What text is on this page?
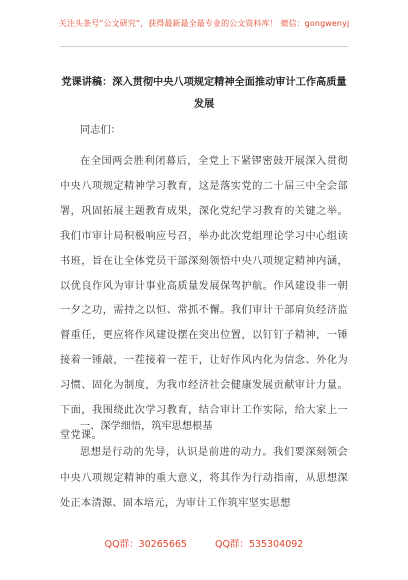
关注头条号“公文研究”，获得最新最全最专业的公文资料库！ 微信：gongwenyj
党课讲稿：深入贯彻中央八项规定精神全面推动审计工作高质量发展
同志们：
在全国两会胜利闭幕后，全党上下紧锣密鼓开展深入贯彻中央八项规定精神学习教育，这是落实党的二十届三中全会部署，巩固拓展主题教育成果，深化党纪学习教育的关键之举。我们市审计局积极响应号召，举办此次党组理论学习中心组读书班，旨在让全体党员干部深刻领悟中央八项规定精神内涵，以优良作风为审计事业高质量发展保驾护航。作风建设非一朝一夕之功，需持之以恒、常抓不懈。我们审计干部肩负经济监督重任，更应将作风建设摆在突出位置，以钉钉子精神，一锤接着一锤敲，一茬接着一茬干，让好作风内化为信念、外化为习惯、固化为制度，为我市经济社会健康发展贡献审计力量。下面，我围绕此次学习教育，结合审计工作实际，给大家上一堂党课。
一、深学细悟，筑牢思想根基
思想是行动的先导，认识是前进的动力。我们要深刻领会中央八项规定精神的重大意义，将其作为行动指南，从思想深处正本清源、固本培元，为审计工作筑牢坚实思想
QQ群：30265665	QQ群：535304092
